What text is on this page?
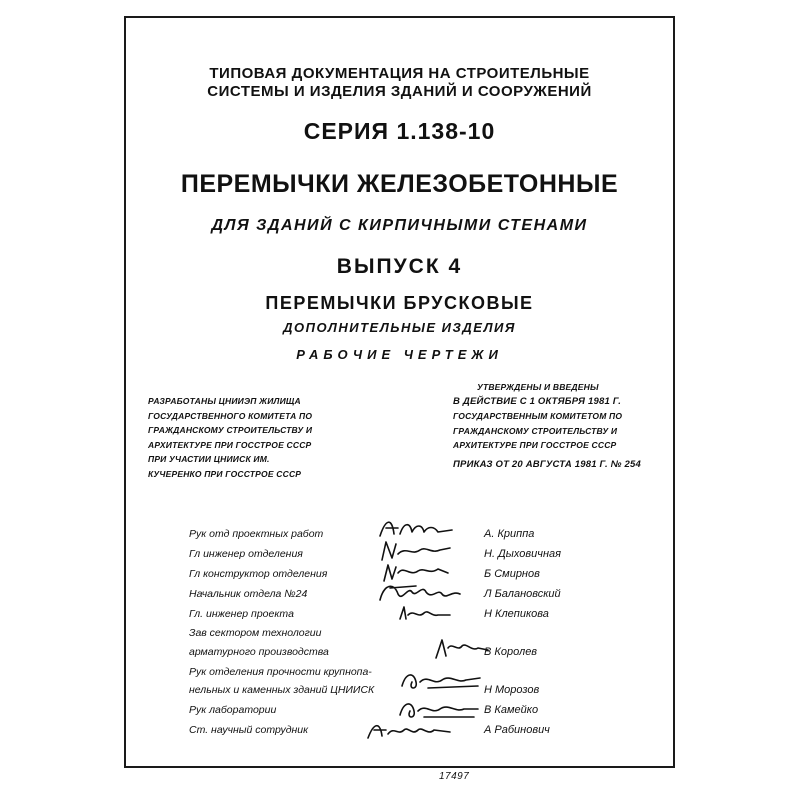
ТИПОВАЯ ДОКУМЕНТАЦИЯ НА СТРОИТЕЛЬНЫЕ
СИСТЕМЫ И ИЗДЕЛИЯ ЗДАНИЙ И СООРУЖЕНИЙ
СЕРИЯ 1.138-10
ПЕРЕМЫЧКИ ЖЕЛЕЗОБЕТОННЫЕ
ДЛЯ ЗДАНИЙ С КИРПИЧНЫМИ СТЕНАМИ
ВЫПУСК 4
ПЕРЕМЫЧКИ БРУСКОВЫЕ
ДОПОЛНИТЕЛЬНЫЕ ИЗДЕЛИЯ
РАБОЧИЕ ЧЕРТЕЖИ
РАЗРАБОТАНЫ ЦНИИЭП ЖИЛИЩА
ГОСУДАРСТВЕННОГО КОМИТЕТА ПО
ГРАЖДАНСКОМУ СТРОИТЕЛЬСТВУ И
АРХИТЕКТУРЕ ПРИ ГОССТРОЕ СССР
ПРИ УЧАСТИИ ЦНИИСК ИМ.
КУЧЕРЕНКО ПРИ ГОССТРОЕ СССР
УТВЕРЖДЕНЫ И ВВЕДЕНЫ
В ДЕЙСТВИЕ С 1 ОКТЯБРЯ 1981 Г.
ГОСУДАРСТВЕННЫМ КОМИТЕТОМ ПО
ГРАЖДАНСКОМУ СТРОИТЕЛЬСТВУ И
АРХИТЕКТУРЕ ПРИ ГОССТРОЕ СССР
ПРИКАЗ ОТ 20 АВГУСТА 1981 Г. № 254
Рук отд проектных работ	А. Криппа
Гл инженер отделения	Н. Дыховичная
Гл конструктор отделения	Б Смирнов
Начальник отдела №24	Л Балановский
Гл. инженер проекта	Н Клепикова
Зав сектором технологии
арматурного производства	В Королев
Рук отделения прочности крупнопа-
нельных и каменных зданий ЦНИИСК	Н Морозов
Рук лаборатории	В Камейко
Ст. научный сотрудник	А Рабинович
17497
